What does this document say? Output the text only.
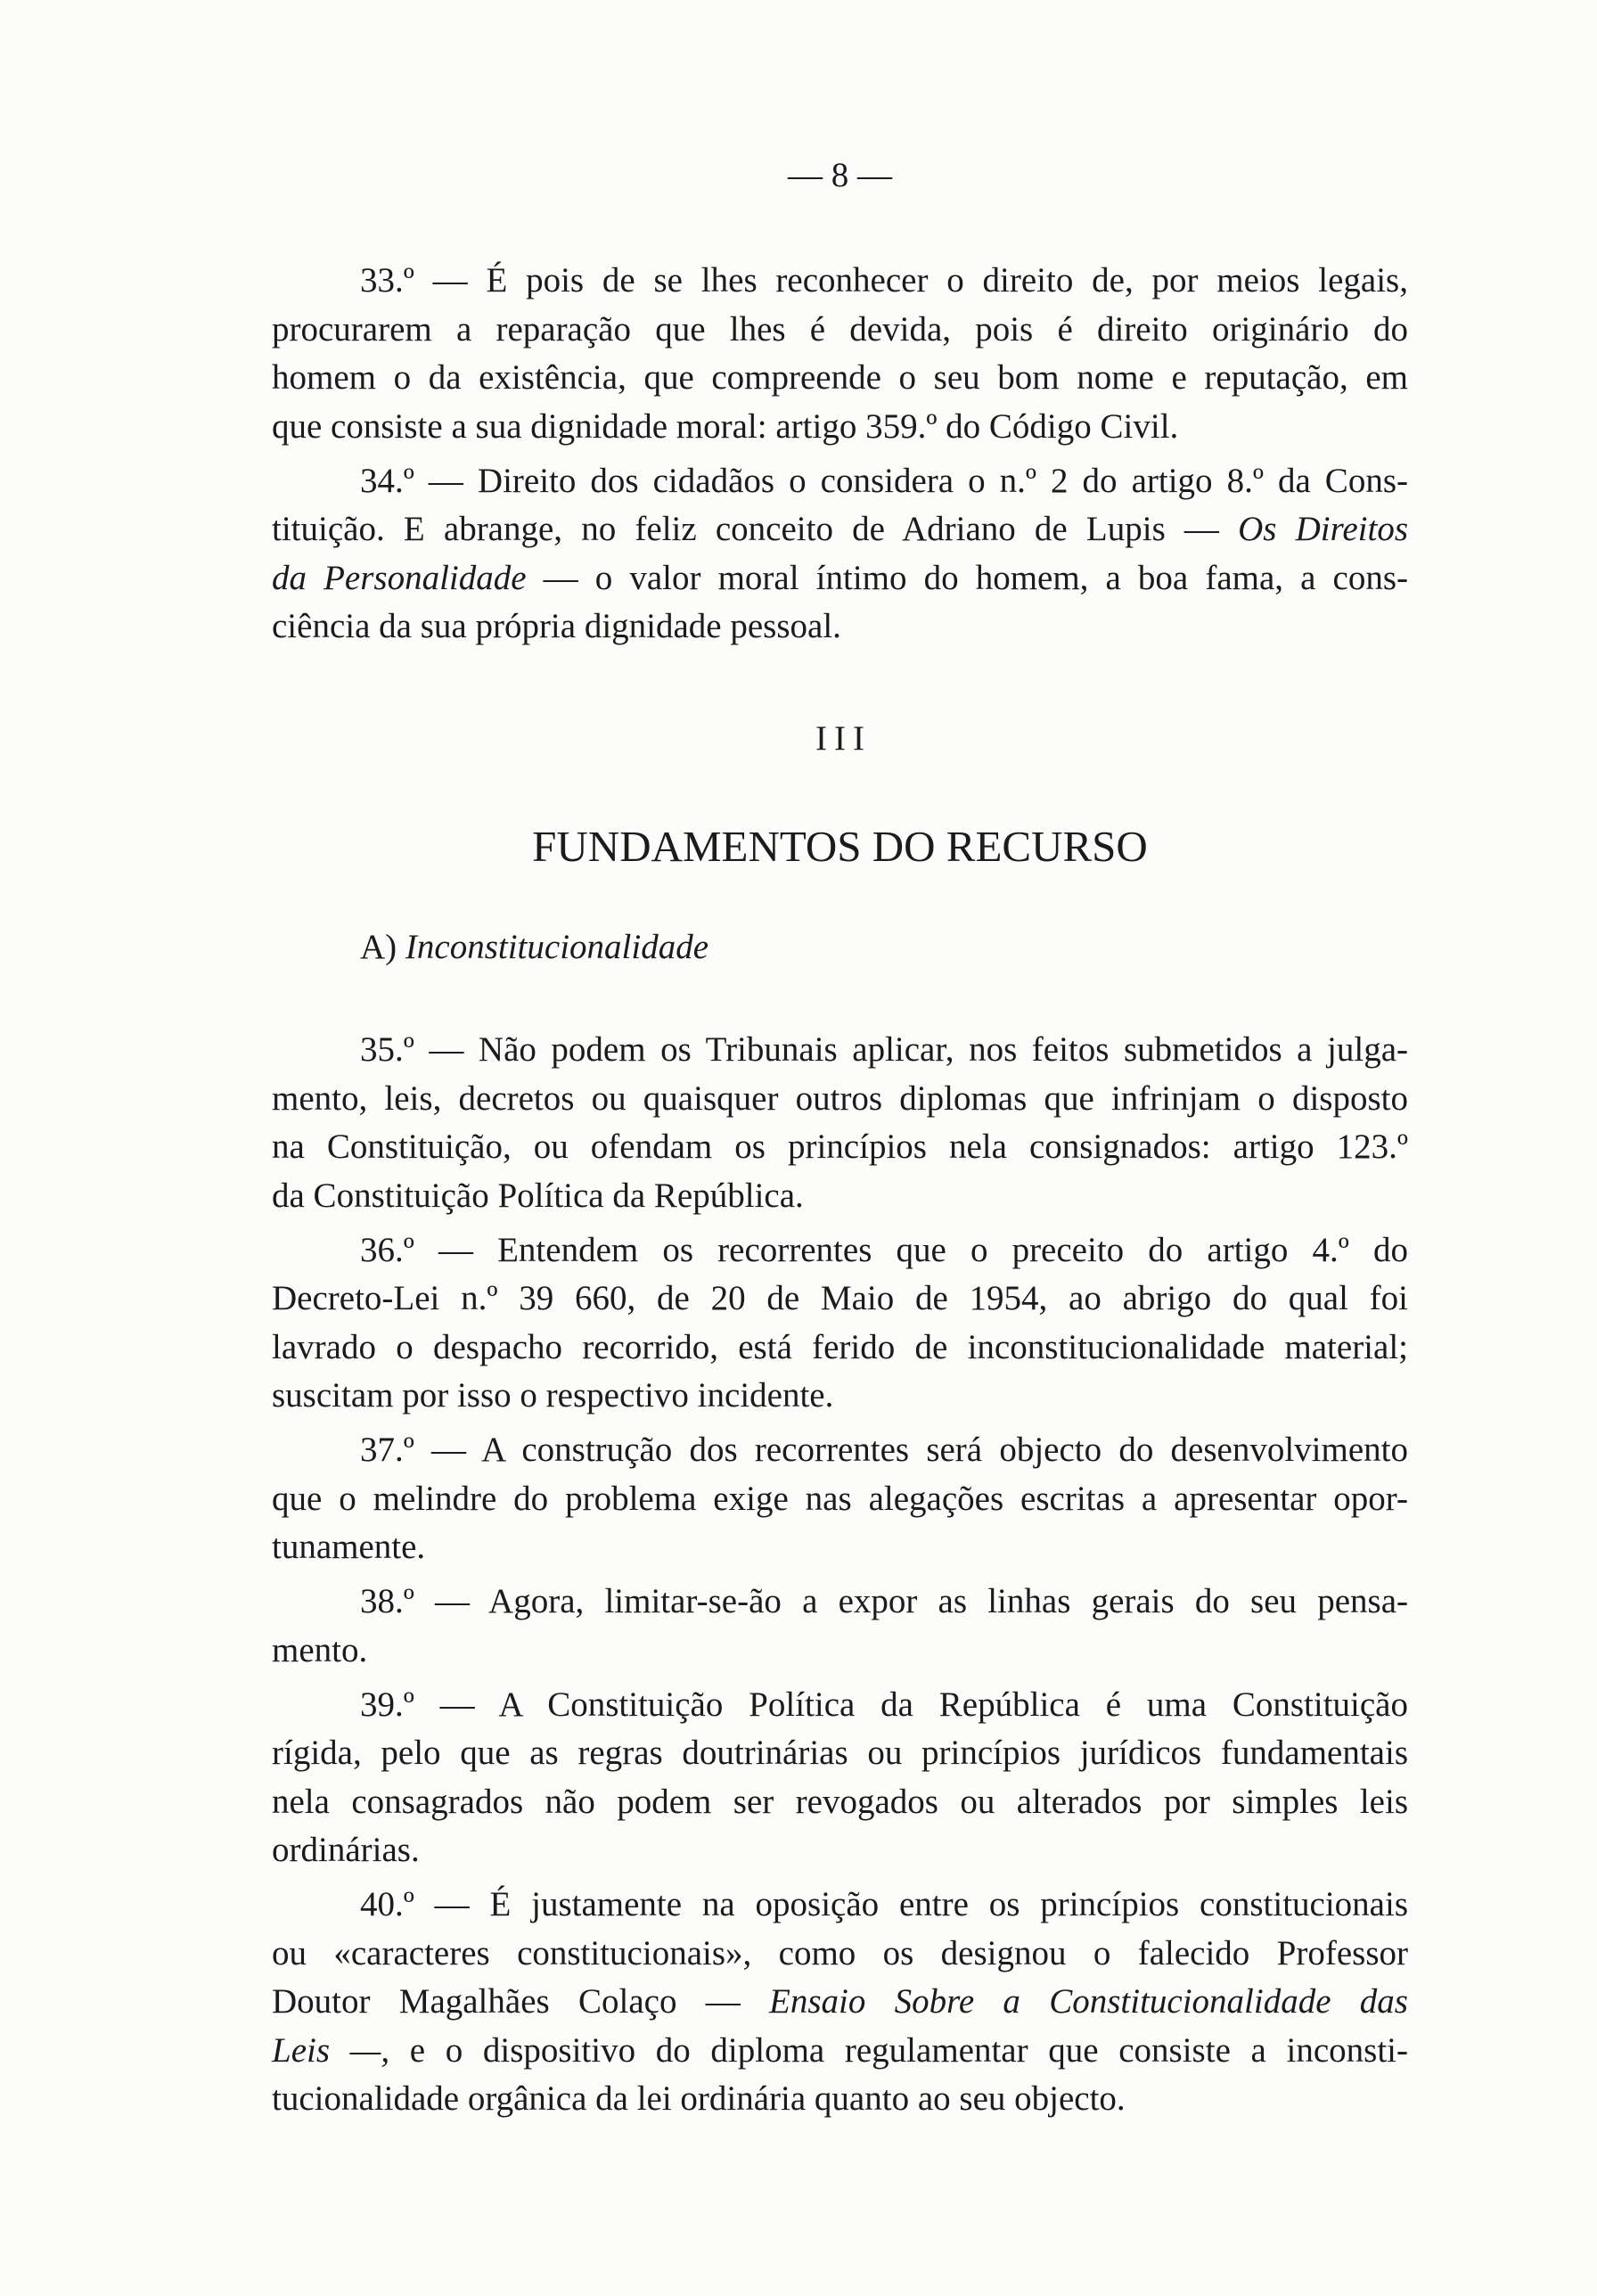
— 8 —
33.º — É pois de se lhes reconhecer o direito de, por meios legais,
procurarem a reparação que lhes é devida, pois é direito originário do
homem o da existência, que compreende o seu bom nome e reputação, em
que consiste a sua dignidade moral: artigo 359.º do Código Civil.
34.º — Direito dos cidadãos o considera o n.º 2 do artigo 8.º da Cons-
tituição. E abrange, no feliz conceito de Adriano de Lupis — Os Direitos
da Personalidade — o valor moral íntimo do homem, a boa fama, a cons-
ciência da sua própria dignidade pessoal.
III
FUNDAMENTOS DO RECURSO
A) Inconstitucionalidade
35.º — Não podem os Tribunais aplicar, nos feitos submetidos a julga-
mento, leis, decretos ou quaisquer outros diplomas que infrinjam o disposto
na Constituição, ou ofendam os princípios nela consignados: artigo 123.º
da Constituição Política da República.
36.º — Entendem os recorrentes que o preceito do artigo 4.º do
Decreto-Lei n.º 39 660, de 20 de Maio de 1954, ao abrigo do qual foi
lavrado o despacho recorrido, está ferido de inconstitucionalidade material;
suscitam por isso o respectivo incidente.
37.º — A construção dos recorrentes será objecto do desenvolvimento
que o melindre do problema exige nas alegações escritas a apresentar opor-
tunamente.
38.º — Agora, limitar-se-ão a expor as linhas gerais do seu pensa-
mento.
39.º — A Constituição Política da República é uma Constituição
rígida, pelo que as regras doutrinárias ou princípios jurídicos fundamentais
nela consagrados não podem ser revogados ou alterados por simples leis
ordinárias.
40.º — É justamente na oposição entre os princípios constitucionais
ou «caracteres constitucionais», como os designou o falecido Professor
Doutor Magalhães Colaço — Ensaio Sobre a Constitucionalidade das
Leis —, e o dispositivo do diploma regulamentar que consiste a inconsti-
tucionalidade orgânica da lei ordinária quanto ao seu objecto.
